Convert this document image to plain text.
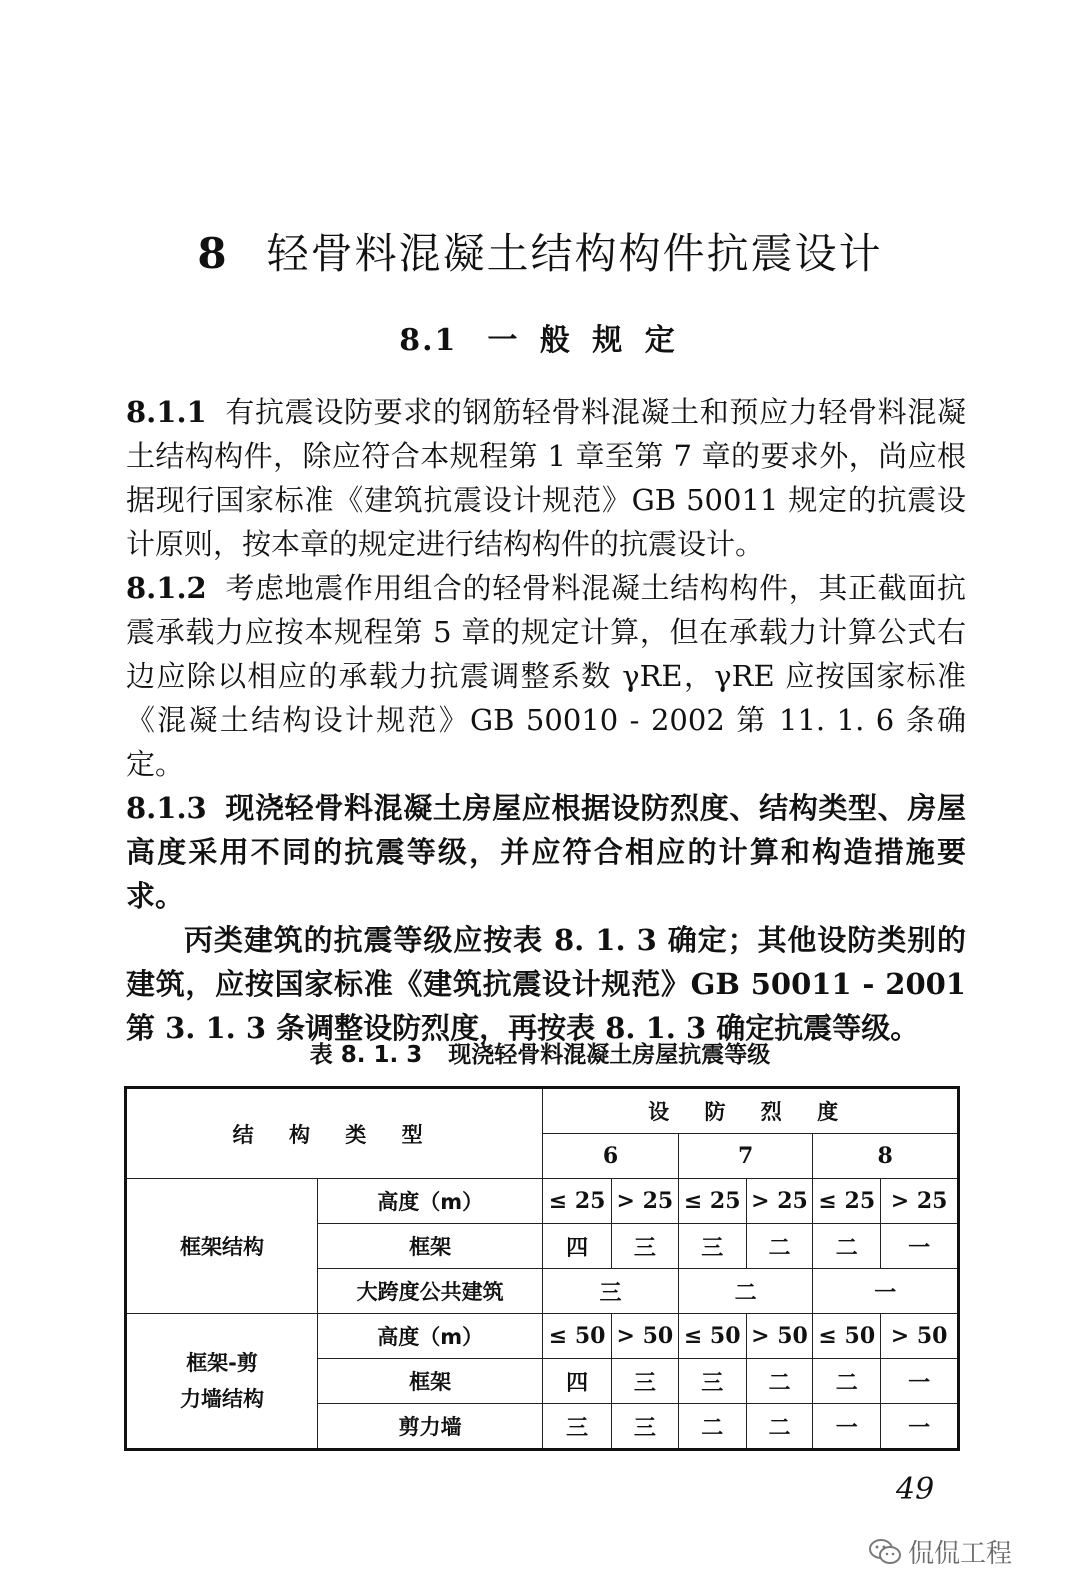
8 轻骨料混凝土结构构件抗震设计
8.1 一 般 规 定

8.1.1 有抗震设防要求的钢筋轻骨料混凝土和预应力轻骨料混凝土结构构件，除应符合本规程第 1 章至第 7 章的要求外，尚应根据现行国家标准《建筑抗震设计规范》GB 50011 规定的抗震设计原则，按本章的规定进行结构构件的抗震设计。

8.1.2 考虑地震作用组合的轻骨料混凝土结构构件，其正截面抗震承载力应按本规程第 5 章的规定计算，但在承载力计算公式右边应除以相应的承载力抗震调整系数 γRE，γRE 应按国家标准《混凝土结构设计规范》GB 50010 - 2002 第 11. 1. 6 条确定。

8.1.3 现浇轻骨料混凝土房屋应根据设防烈度、结构类型、房屋高度采用不同的抗震等级，并应符合相应的计算和构造措施要求。

丙类建筑的抗震等级应按表 8. 1. 3 确定；其他设防类别的建筑，应按国家标准《建筑抗震设计规范》GB 50011 - 2001 第 3. 1. 3 条调整设防烈度，再按表 8. 1. 3 确定抗震等级。

表 8. 1. 3 现浇轻骨料混凝土房屋抗震等级
结 构 类 型		设 防 烈 度					
		6		7		8	
框架结构	高度（m）	≤ 25	> 25	≤ 25	> 25	≤ 25	> 25
	框架	四	三	三	二	二	一
	大跨度公共建筑	三		二		一	
框架-剪
力墙结构	高度（m）	≤ 50	> 50	≤ 50	> 50	≤ 50	> 50
	框架	四	三	三	二	二	一
	剪力墙	三	三	二	二	一	一
49
侃侃工程
